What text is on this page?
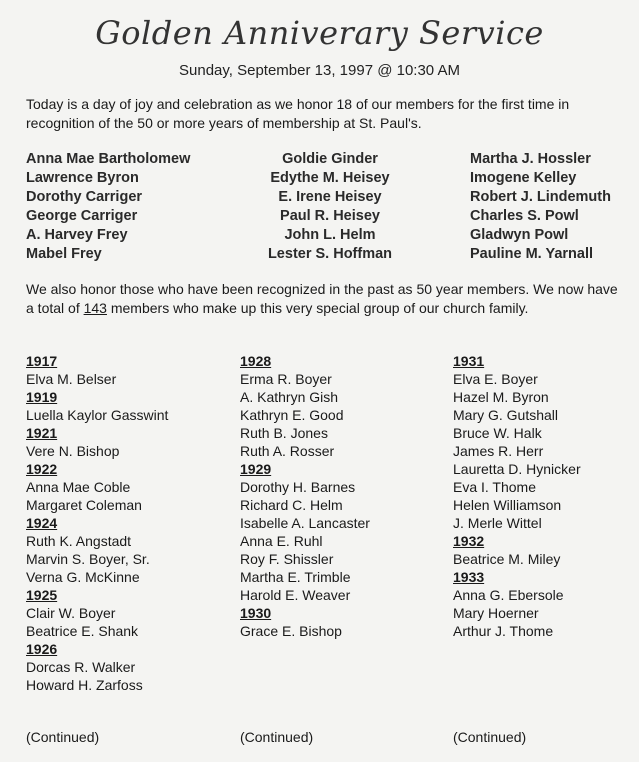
Golden Anniverary Service
Sunday, September 13, 1997 @ 10:30 AM
Today is a day of joy and celebration as we honor 18 of our members for the first time in recognition of the 50 or more years of membership at St. Paul's.
Anna Mae Bartholomew
Lawrence Byron
Dorothy Carriger
George Carriger
A. Harvey Frey
Mabel Frey
Goldie Ginder
Edythe M. Heisey
E. Irene Heisey
Paul R. Heisey
John L. Helm
Lester S. Hoffman
Martha J. Hossler
Imogene Kelley
Robert J. Lindemuth
Charles S. Powl
Gladwyn Powl
Pauline M. Yarnall
We also honor those who have been recognized in the past as 50 year members. We now have a total of 143 members who make up this very special group of our church family.
1917
Elva M. Belser
1919
Luella Kaylor Gasswint
1921
Vere N. Bishop
1922
Anna Mae Coble
Margaret Coleman
1924
Ruth K. Angstadt
Marvin S. Boyer, Sr.
Verna G. McKinne
1925
Clair W. Boyer
Beatrice E. Shank
1926
Dorcas R. Walker
Howard H. Zarfoss
1928
Erma R. Boyer
A. Kathryn Gish
Kathryn E. Good
Ruth B. Jones
Ruth A. Rosser
1929
Dorothy H. Barnes
Richard C. Helm
Isabelle A. Lancaster
Anna E. Ruhl
Roy F. Shissler
Martha E. Trimble
Harold E. Weaver
1930
Grace E. Bishop
1931
Elva E. Boyer
Hazel M. Byron
Mary G. Gutshall
Bruce W. Halk
James R. Herr
Lauretta D. Hynicker
Eva I. Thome
Helen Williamson
J. Merle Wittel
1932
Beatrice M. Miley
1933
Anna G. Ebersole
Mary Hoerner
Arthur J. Thome
(Continued)	(Continued)	(Continued)
